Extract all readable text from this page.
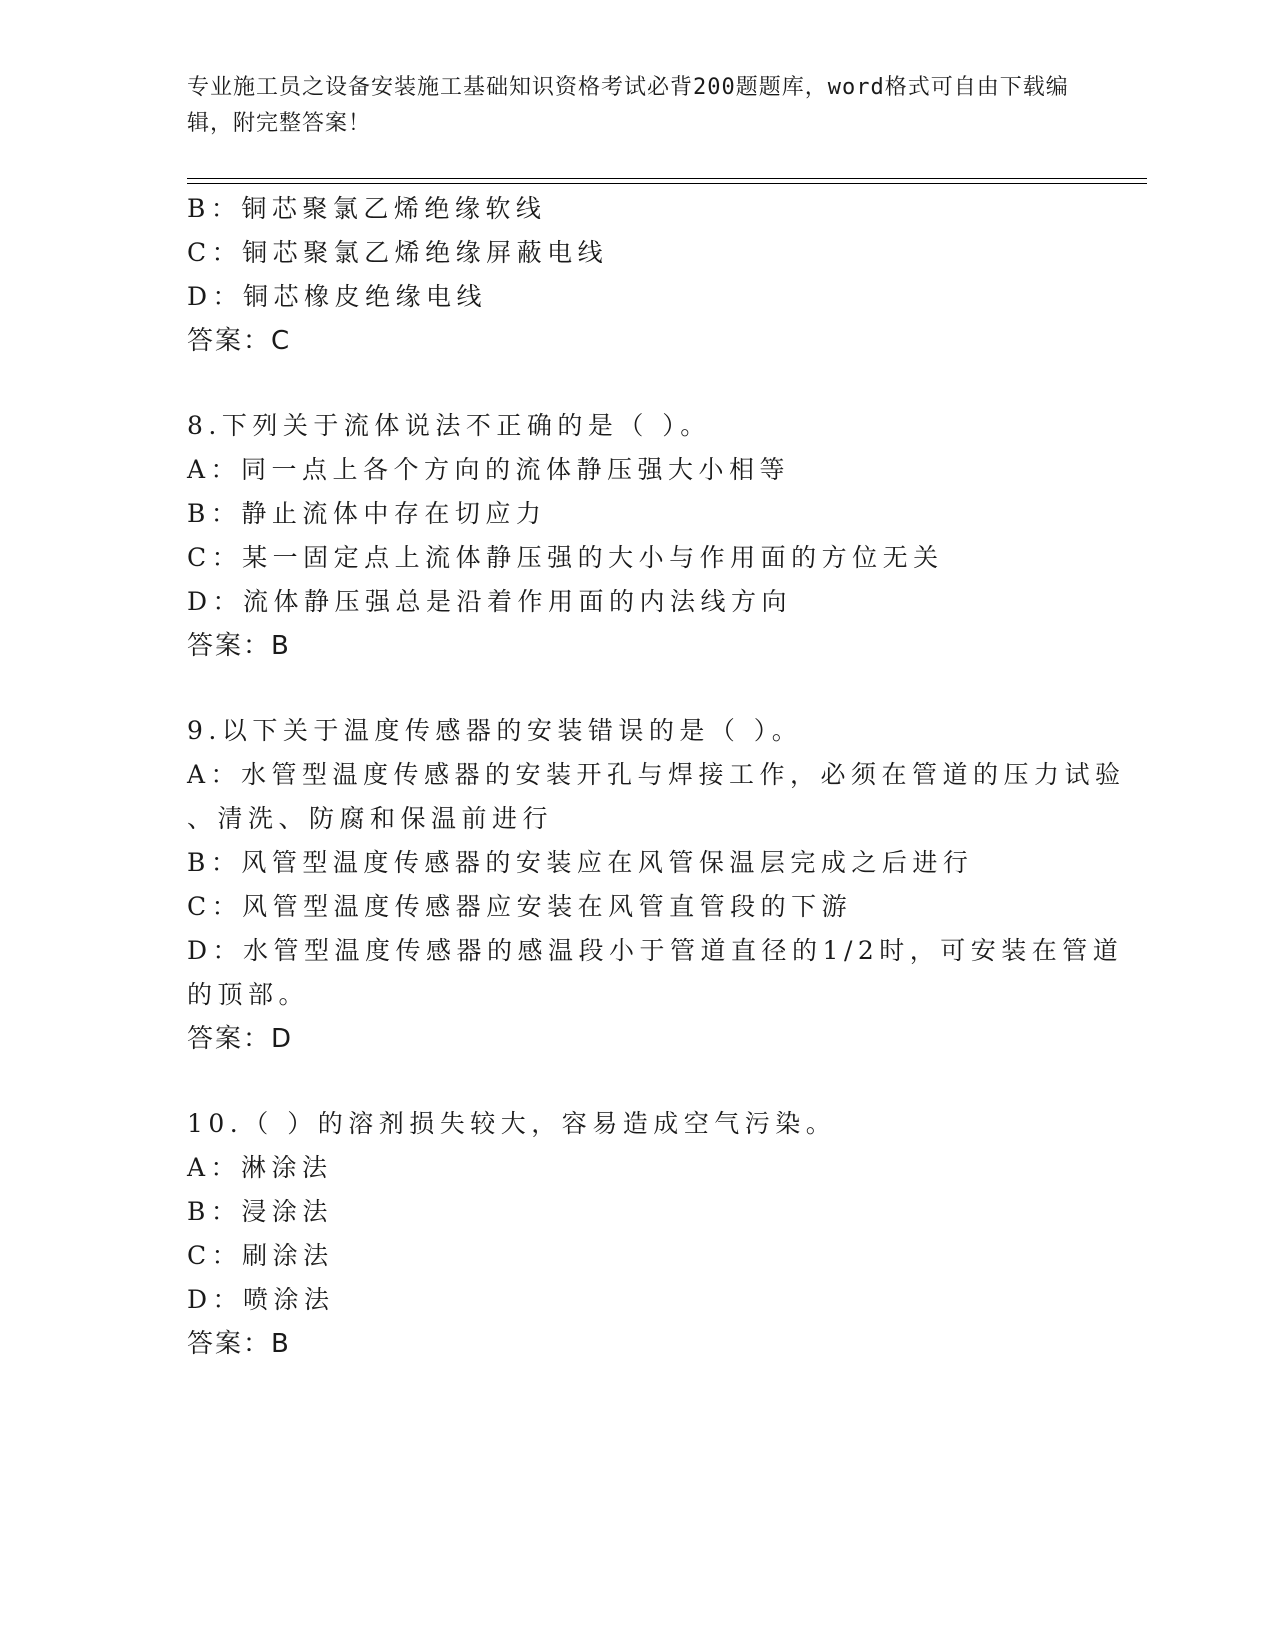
专业施工员之设备安装施工基础知识资格考试必背200题题库，word格式可自由下载编辑，附完整答案！
B：铜芯聚氯乙烯绝缘软线
C：铜芯聚氯乙烯绝缘屏蔽电线
D：铜芯橡皮绝缘电线
答案：C
8.下列关于流体说法不正确的是（ ）。
A：同一点上各个方向的流体静压强大小相等
B：静止流体中存在切应力
C：某一固定点上流体静压强的大小与作用面的方位无关
D：流体静压强总是沿着作用面的内法线方向
答案：B
9.以下关于温度传感器的安装错误的是（ ）。
A：水管型温度传感器的安装开孔与焊接工作，必须在管道的压力试验
、清洗、防腐和保温前进行
B：风管型温度传感器的安装应在风管保温层完成之后进行
C：风管型温度传感器应安装在风管直管段的下游
D：水管型温度传感器的感温段小于管道直径的1/2时，可安装在管道
的顶部。
答案：D
10.（ ）的溶剂损失较大，容易造成空气污染。
A：淋涂法
B：浸涂法
C：刷涂法
D：喷涂法
答案：B
